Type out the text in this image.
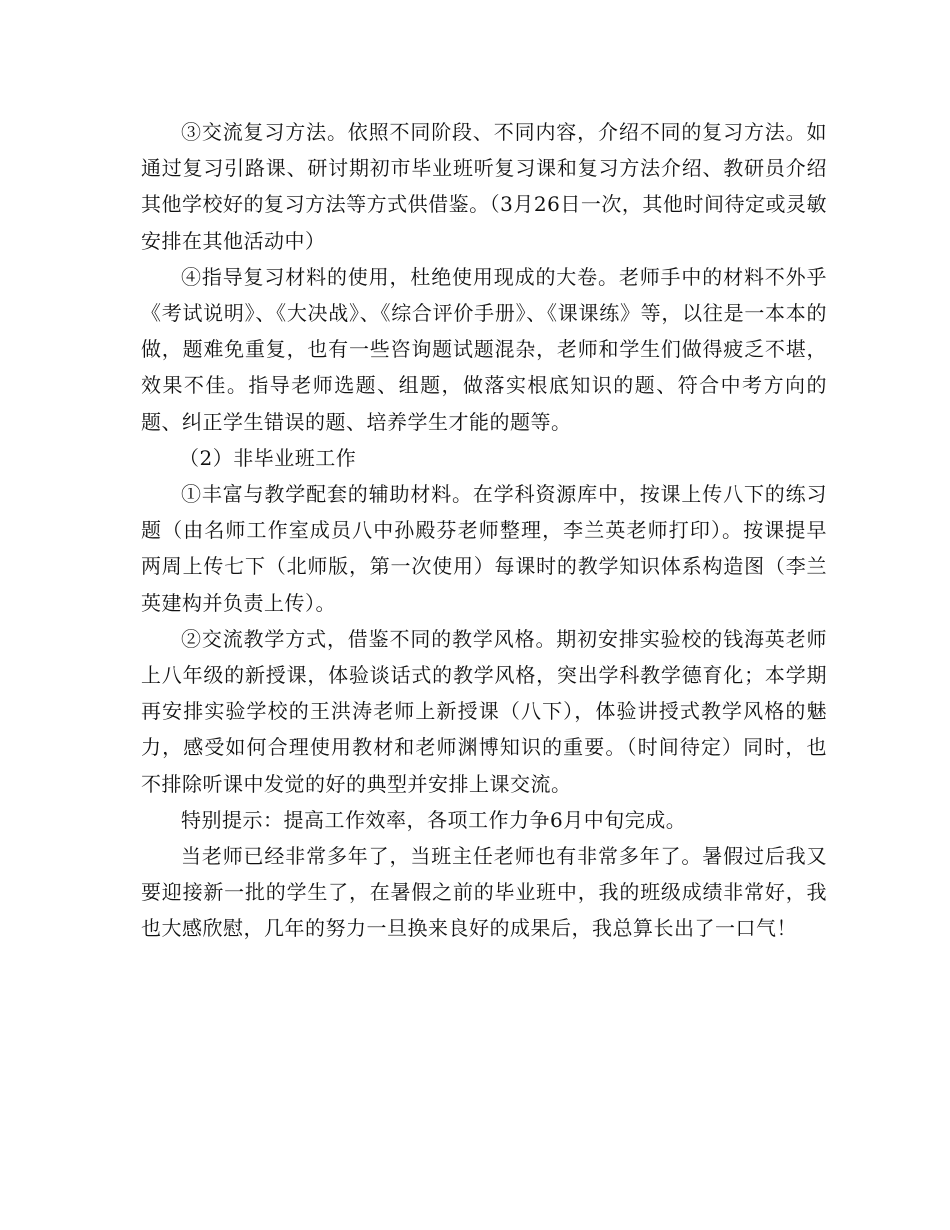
③交流复习方法。依照不同阶段、不同内容，介绍不同的复习方法。如通过复习引路课、研讨期初市毕业班听复习课和复习方法介绍、教研员介绍其他学校好的复习方法等方式供借鉴。（3月26日一次，其他时间待定或灵敏安排在其他活动中）

④指导复习材料的使用，杜绝使用现成的大卷。老师手中的材料不外乎《考试说明》、《大决战》、《综合评价手册》、《课课练》等，以往是一本本的做，题难免重复，也有一些咨询题试题混杂，老师和学生们做得疲乏不堪，效果不佳。指导老师选题、组题，做落实根底知识的题、符合中考方向的题、纠正学生错误的题、培养学生才能的题等。

（2）非毕业班工作

①丰富与教学配套的辅助材料。在学科资源库中，按课上传八下的练习题（由名师工作室成员八中孙殿芬老师整理，李兰英老师打印）。按课提早两周上传七下（北师版，第一次使用）每课时的教学知识体系构造图（李兰英建构并负责上传）。

②交流教学方式，借鉴不同的教学风格。期初安排实验校的钱海英老师上八年级的新授课，体验谈话式的教学风格，突出学科教学德育化；本学期再安排实验学校的王洪涛老师上新授课（八下），体验讲授式教学风格的魅力，感受如何合理使用教材和老师渊博知识的重要。（时间待定）同时，也不排除听课中发觉的好的典型并安排上课交流。

特别提示：提高工作效率，各项工作力争6月中旬完成。

当老师已经非常多年了，当班主任老师也有非常多年了。暑假过后我又要迎接新一批的学生了，在暑假之前的毕业班中，我的班级成绩非常好，我也大感欣慰，几年的努力一旦换来良好的成果后，我总算长出了一口气！
